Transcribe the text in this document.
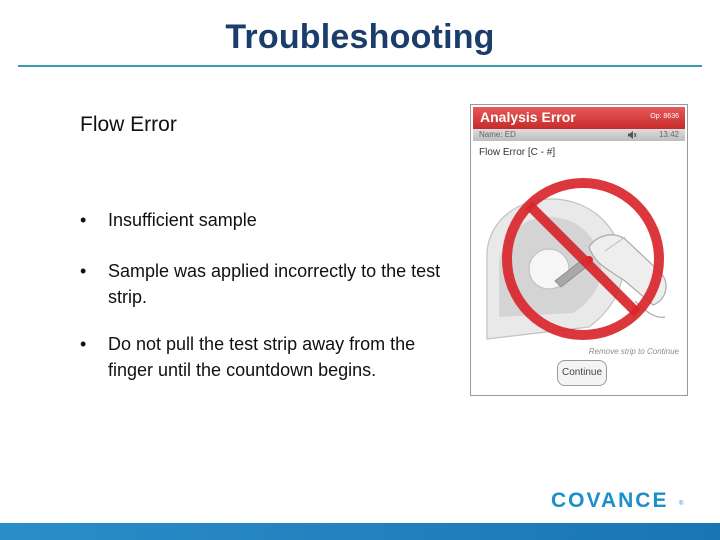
Troubleshooting
Flow Error
•	Insufficient sample
•	Sample was applied incorrectly to the test strip.
•	Do not pull the test strip away from the finger until the countdown begins.
Analysis Error	Op: 8636
Name: ED	13:42
Flow Error [C - #]
Remove strip to Continue
Continue
COVANCE ®
